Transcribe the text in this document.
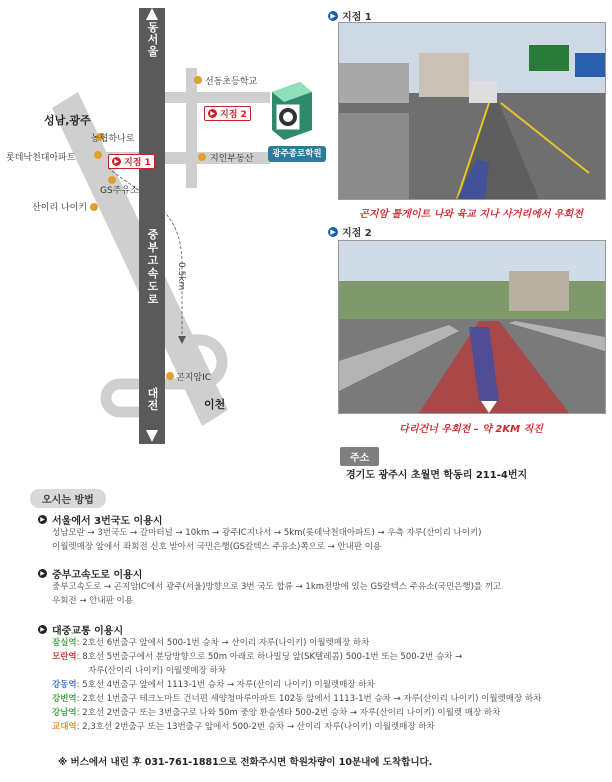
동
서
울
중
부
고
속
도
로
대
전
선동초등학교
농협하나로
롯데낙천대아파트
GS주유소
산이리 나이키
지인부동산
곤지암IC
성남,광주
이천
0.5km
▶ 지점 2
▶ 지점 1
광주종로학원
▶ 지점 1
곤지암 톨게이트 나와 육교 지나 사거리에서 우회전
▶ 지점 2
다리건너 우회전 – 약 2KM 직진
주소
경기도 광주시 초월면 학동리 211-4번지
오시는 방법
▶ 서울에서 3번국도 이용시
성남모란 → 3번국도 → 갈마터널 → 10km → 광주IC지나서 → 5km(롯데낙천대아파트) → 우측 자루(산이리 나이키)
이월렛매장 앞에서 좌회전 신호 받아서 국민은행(GS칼텍스 주유소)쪽으로 → 안내판 이용
▶ 중부고속도로 이용시
중부고속도로 → 곤지암IC에서 광주(서울)방향으로 3번 국도 합류 → 1km전방에 있는 GS칼텍스 주유소(국민은행)를 끼고
우회전 → 안내판 이용
▶ 대중교통 이용시
잠실역: 2호선 6번출구 앞에서 500-1번 승차 → 산이리 자루(나이키) 이월렛매장 하차
모란역: 8호선 5번출구에서 분당방향으로 50m 아래로 하나빌딩 앞(SK텔레콤) 500-1번 또는 500-2번 승차 →
자루(산이리 나이키) 이월렛매장 하차
강동역: 5호선 4번출구 앞에서 1113-1번 승차 → 자루(산이리 나이키) 이월렛매장 하차
강변역: 2호선 1번출구 테크노마트 건너편 세양청마루아파트 102동 앞에서 1113-1번 승차 → 자루(산이리 나이키) 이월렛매장 하차
강남역: 2호선 2번출구 또는 3번출구로 나와 50m 중앙 환승센타 500-2번 승차 → 자루(산이리 나이키) 이월렛 매장 하차
교대역: 2,3호선 2번출구 또는 13번출구 앞에서 500-2번 승차 → 산이리 자루(나이키) 이월렛매장 하차
※ 버스에서 내린 후 031-761-1881으로 전화주시면 학원차량이 10분내에 도착합니다.
